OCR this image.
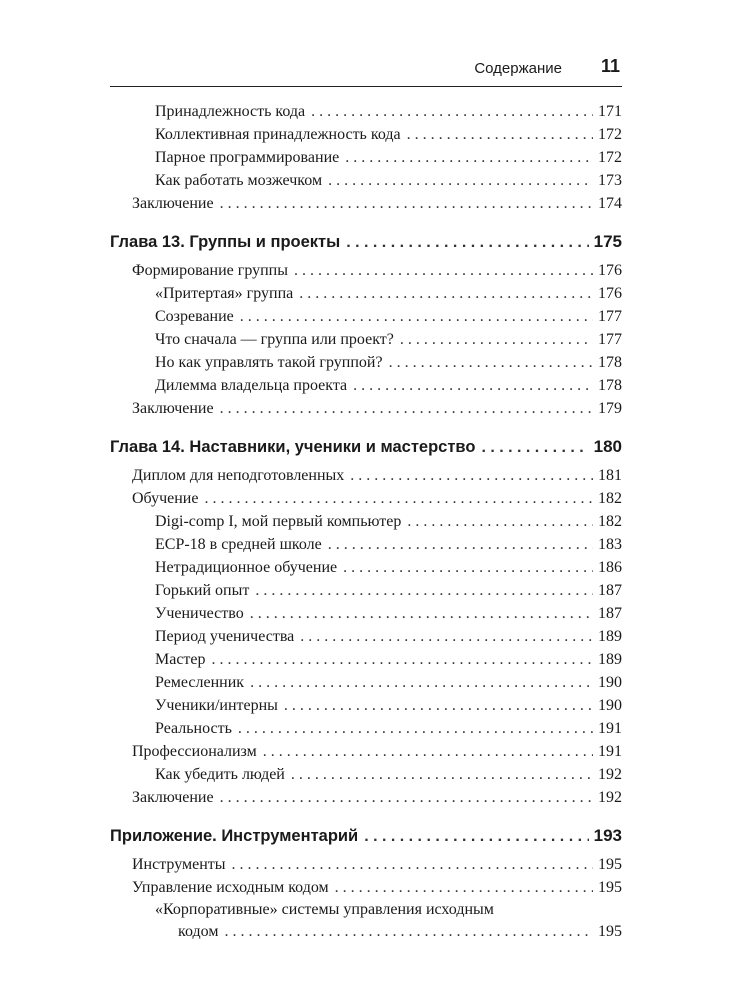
Содержание 11
Принадлежность кода . . .	171
Коллективная принадлежность кода . . .	172
Парное программирование . . .	172
Как работать мозжечком . . .	173
Заключение . . .	174
Глава 13. Группы и проекты . . .	175
Формирование группы . . .	176
«Притертая» группа . . .	176
Созревание . . .	177
Что сначала — группа или проект? . . .	177
Но как управлять такой группой? . . .	178
Дилемма владельца проекта . . .	178
Заключение . . .	179
Глава 14. Наставники, ученики и мастерство . . .	180
Диплом для неподготовленных . . .	181
Обучение . . .	182
Digi-comp I, мой первый компьютер . . .	182
ECP-18 в средней школе . . .	183
Нетрадиционное обучение . . .	186
Горький опыт . . .	187
Ученичество . . .	187
Период ученичества . . .	189
Мастер . . .	189
Ремесленник . . .	190
Ученики/интерны . . .	190
Реальность . . .	191
Профессионализм . . .	191
Как убедить людей . . .	192
Заключение . . .	192
Приложение. Инструментарий . . .	193
Инструменты . . .	195
Управление исходным кодом . . .	195
«Корпоративные» системы управления исходным
кодом . . .	195
